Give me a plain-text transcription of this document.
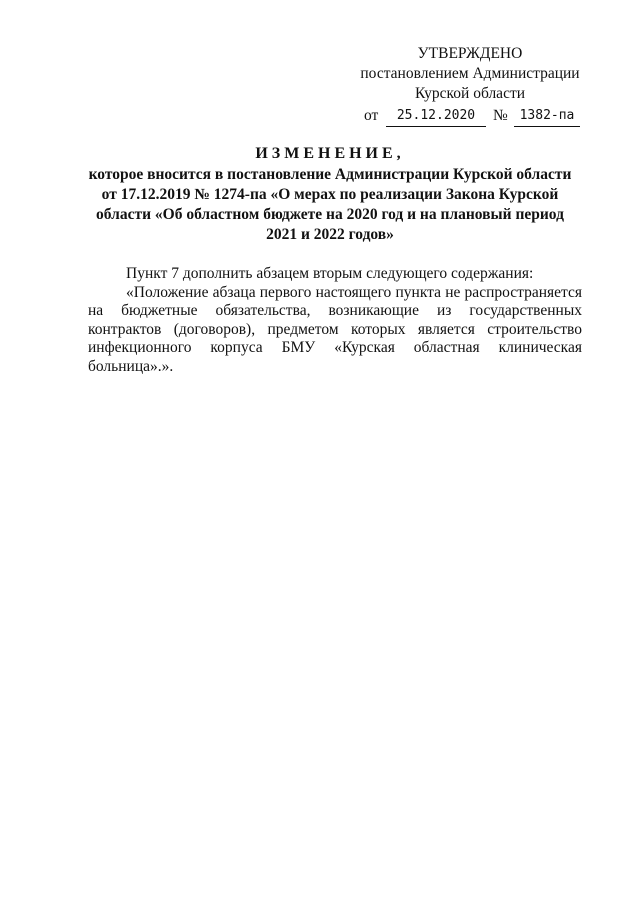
УТВЕРЖДЕНО
постановлением Администрации
Курской области
от	25.12.2020	№ 1382-па
ИЗМЕНЕНИЕ,
которое вносится в постановление Администрации Курской области
от 17.12.2019 № 1274-па «О мерах по реализации Закона Курской
области «Об областном бюджете на 2020 год и на плановый период
2021 и 2022 годов»

Пункт 7 дополнить абзацем вторым следующего содержания:

«Положение абзаца первого настоящего пункта не распространяется на бюджетные обязательства, возникающие из государственных контрактов (договоров), предметом которых является строительство инфекционного корпуса БМУ «Курская областная клиническая больница».».
